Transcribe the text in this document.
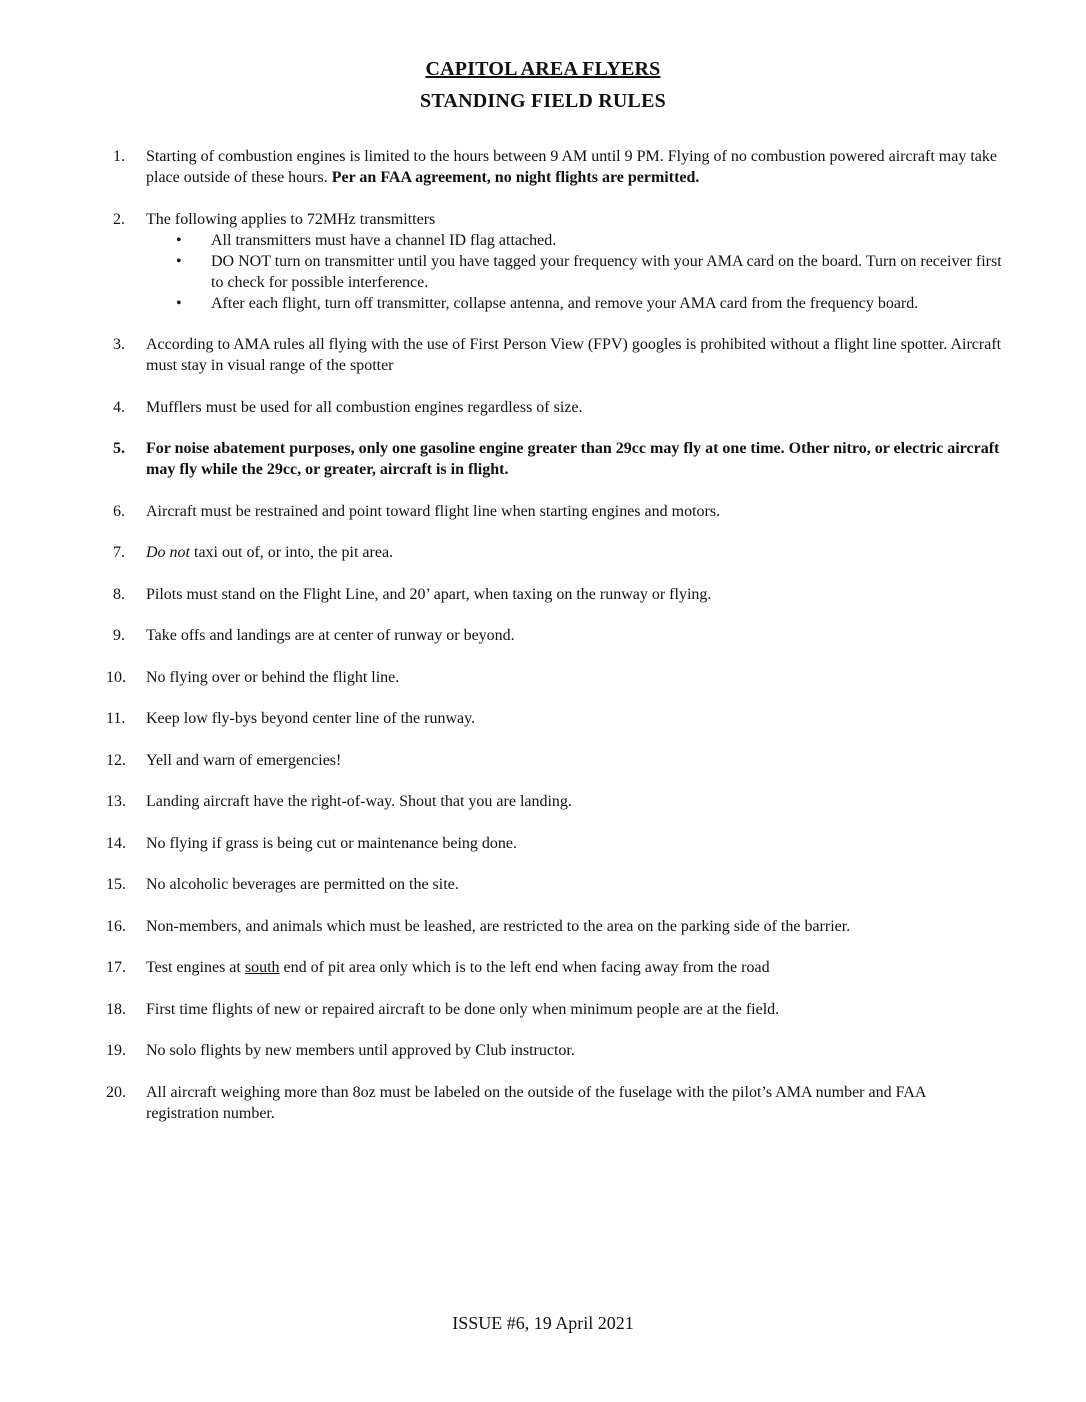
CAPITOL AREA FLYERS
STANDING FIELD RULES
1.	Starting of combustion engines is limited to the hours between 9 AM until 9 PM. Flying of no combustion powered aircraft may take place outside of these hours. Per an FAA agreement, no night flights are permitted.
2.	The following applies to 72MHz transmitters
•	All transmitters must have a channel ID flag attached.
•	DO NOT turn on transmitter until you have tagged your frequency with your AMA card on the board. Turn on receiver first to check for possible interference.
•	After each flight, turn off transmitter, collapse antenna, and remove your AMA card from the frequency board.
3.	According to AMA rules all flying with the use of First Person View (FPV) googles is prohibited without a flight line spotter. Aircraft must stay in visual range of the spotter
4.	Mufflers must be used for all combustion engines regardless of size.
5.	For noise abatement purposes, only one gasoline engine greater than 29cc may fly at one time. Other nitro, or electric aircraft may fly while the 29cc, or greater, aircraft is in flight.
6.	Aircraft must be restrained and point toward flight line when starting engines and motors.
7.	Do not taxi out of, or into, the pit area.
8.	Pilots must stand on the Flight Line, and 20’ apart, when taxing on the runway or flying.
9.	Take offs and landings are at center of runway or beyond.
10.	No flying over or behind the flight line.
11.	Keep low fly-bys beyond center line of the runway.
12.	Yell and warn of emergencies!
13.	Landing aircraft have the right-of-way. Shout that you are landing.
14.	No flying if grass is being cut or maintenance being done.
15.	No alcoholic beverages are permitted on the site.
16.	Non-members, and animals which must be leashed, are restricted to the area on the parking side of the barrier.
17.	Test engines at south end of pit area only which is to the left end when facing away from the road
18.	First time flights of new or repaired aircraft to be done only when minimum people are at the field.
19.	No solo flights by new members until approved by Club instructor.
20.	All aircraft weighing more than 8oz must be labeled on the outside of the fuselage with the pilot’s AMA number and FAA registration number.
ISSUE #6, 19 April 2021
